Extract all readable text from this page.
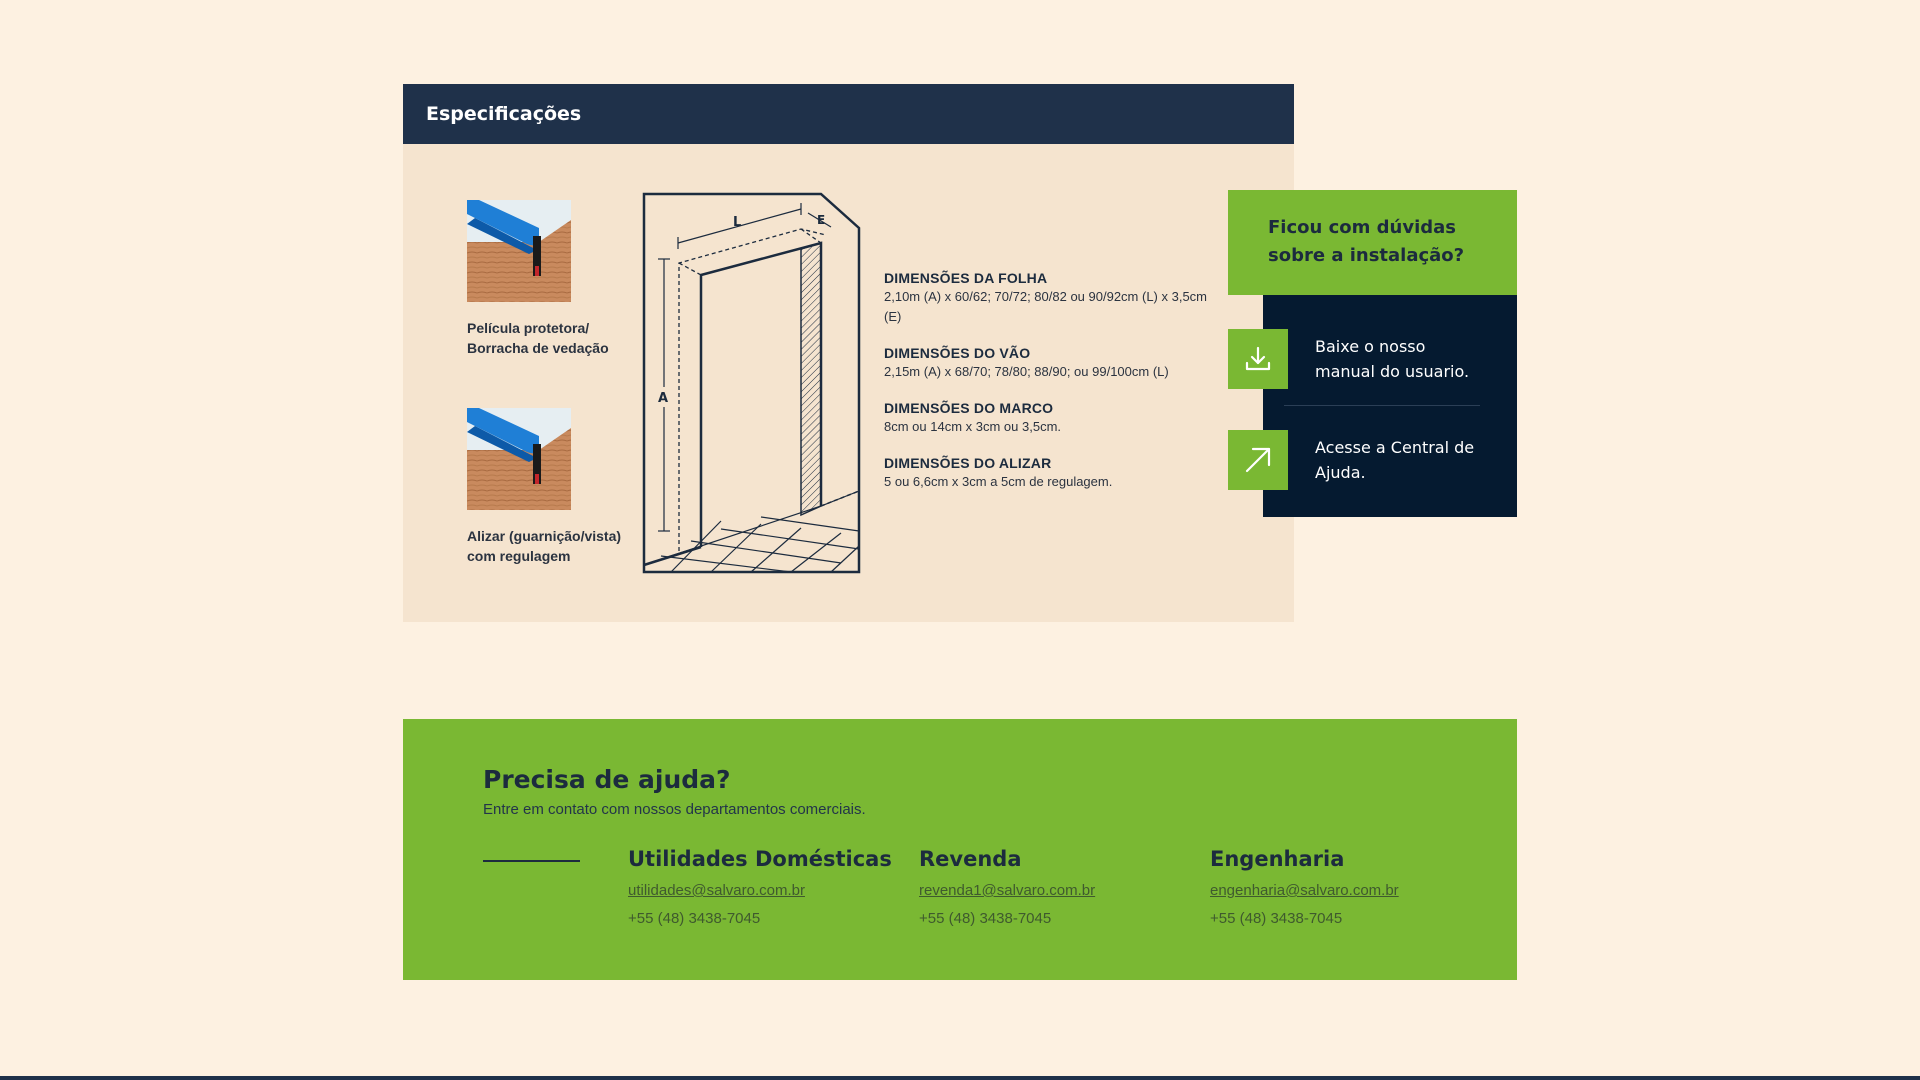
Especificações
Película protetora/
Borracha de vedação
Alizar (guarnição/vista)
com regulagem
L	E
A
DIMENSÕES DA FOLHA
2,10m (A) x 60/62; 70/72; 80/82 ou 90/92cm (L) x 3,5cm (E)
DIMENSÕES DO VÃO
2,15m (A) x 68/70; 78/80; 88/90; ou 99/100cm (L)
DIMENSÕES DO MARCO
8cm ou 14cm x 3cm ou 3,5cm.
DIMENSÕES DO ALIZAR
5 ou 6,6cm x 3cm a 5cm de regulagem.
Ficou com dúvidas sobre a instalação?
Baixe o nosso manual do usuario.
Acesse a Central de Ajuda.
Precisa de ajuda?
Entre em contato com nossos departamentos comerciais.
Utilidades Domésticas
utilidades@salvaro.com.br
+55 (48) 3438-7045
Revenda
revenda1@salvaro.com.br
+55 (48) 3438-7045
Engenharia
engenharia@salvaro.com.br
+55 (48) 3438-7045
